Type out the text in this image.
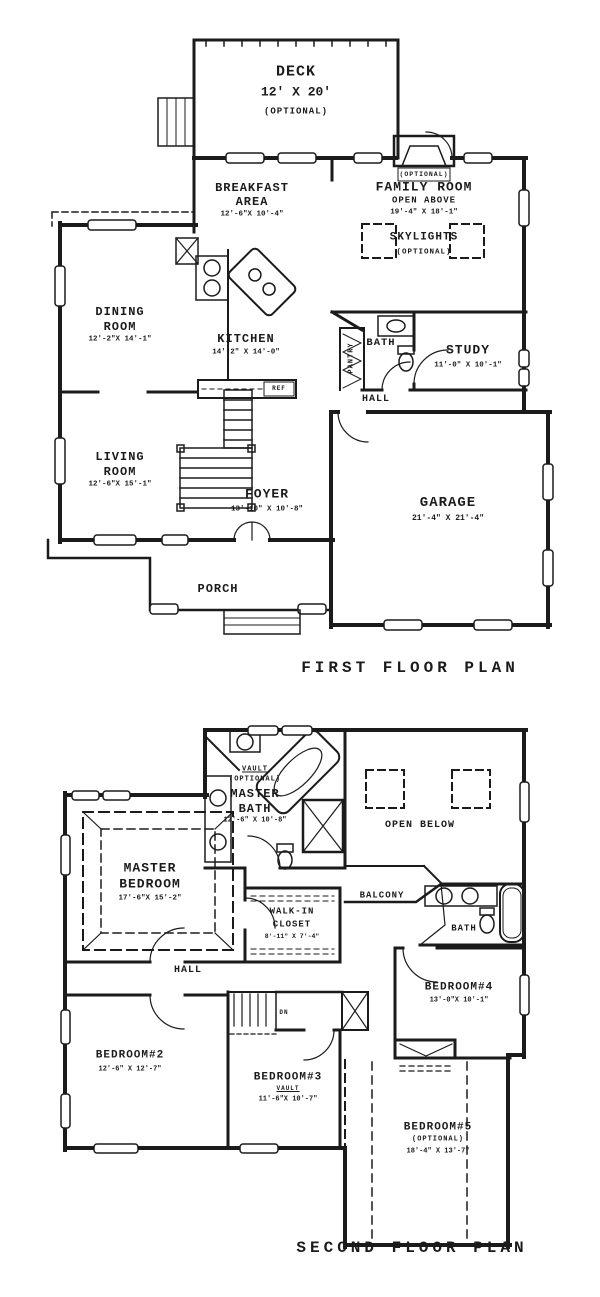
DECK
12' X 20'
(OPTIONAL)
BREAKFAST
AREA
12'-6"X 10'-4"
FAMILY ROOM
OPEN ABOVE
19'-4" X 18'-1"
(OPTIONAL)
SKYLIGHTS
(OPTIONAL)
DINING
ROOM
12'-2"X 14'-1"	KITCHEN
14'-2" X 14'-0"	PANTRY BATH	STUDY
11'-0" X 10'-1"
HALL
LIVING
ROOM
12'-6"X 15'-1"
FOYER
13'-10" X 10'-8"	GARAGE
21'-4" X 21'-4"
PORCH
REF
FIRST FLOOR PLAN
VAULT
(OPTIONAL)
MASTER
BATH
12'-6" X 10'-8"	OPEN BELOW
MASTER
BEDROOM
17'-6"X 15'-2"
WALK-IN
CLOSET
8'-11" X 7'-4"
BALCONY
BATH
BEDROOM#4
13'-0"X 10'-1"
HALL
DN
BEDROOM#2
12'-6" X 12'-7"
BEDROOM#3
VAULT
11'-6"X 10'-7"
BEDROOM#5
(OPTIONAL)
18'-4" X 13'-7"
SECOND FLOOR PLAN
